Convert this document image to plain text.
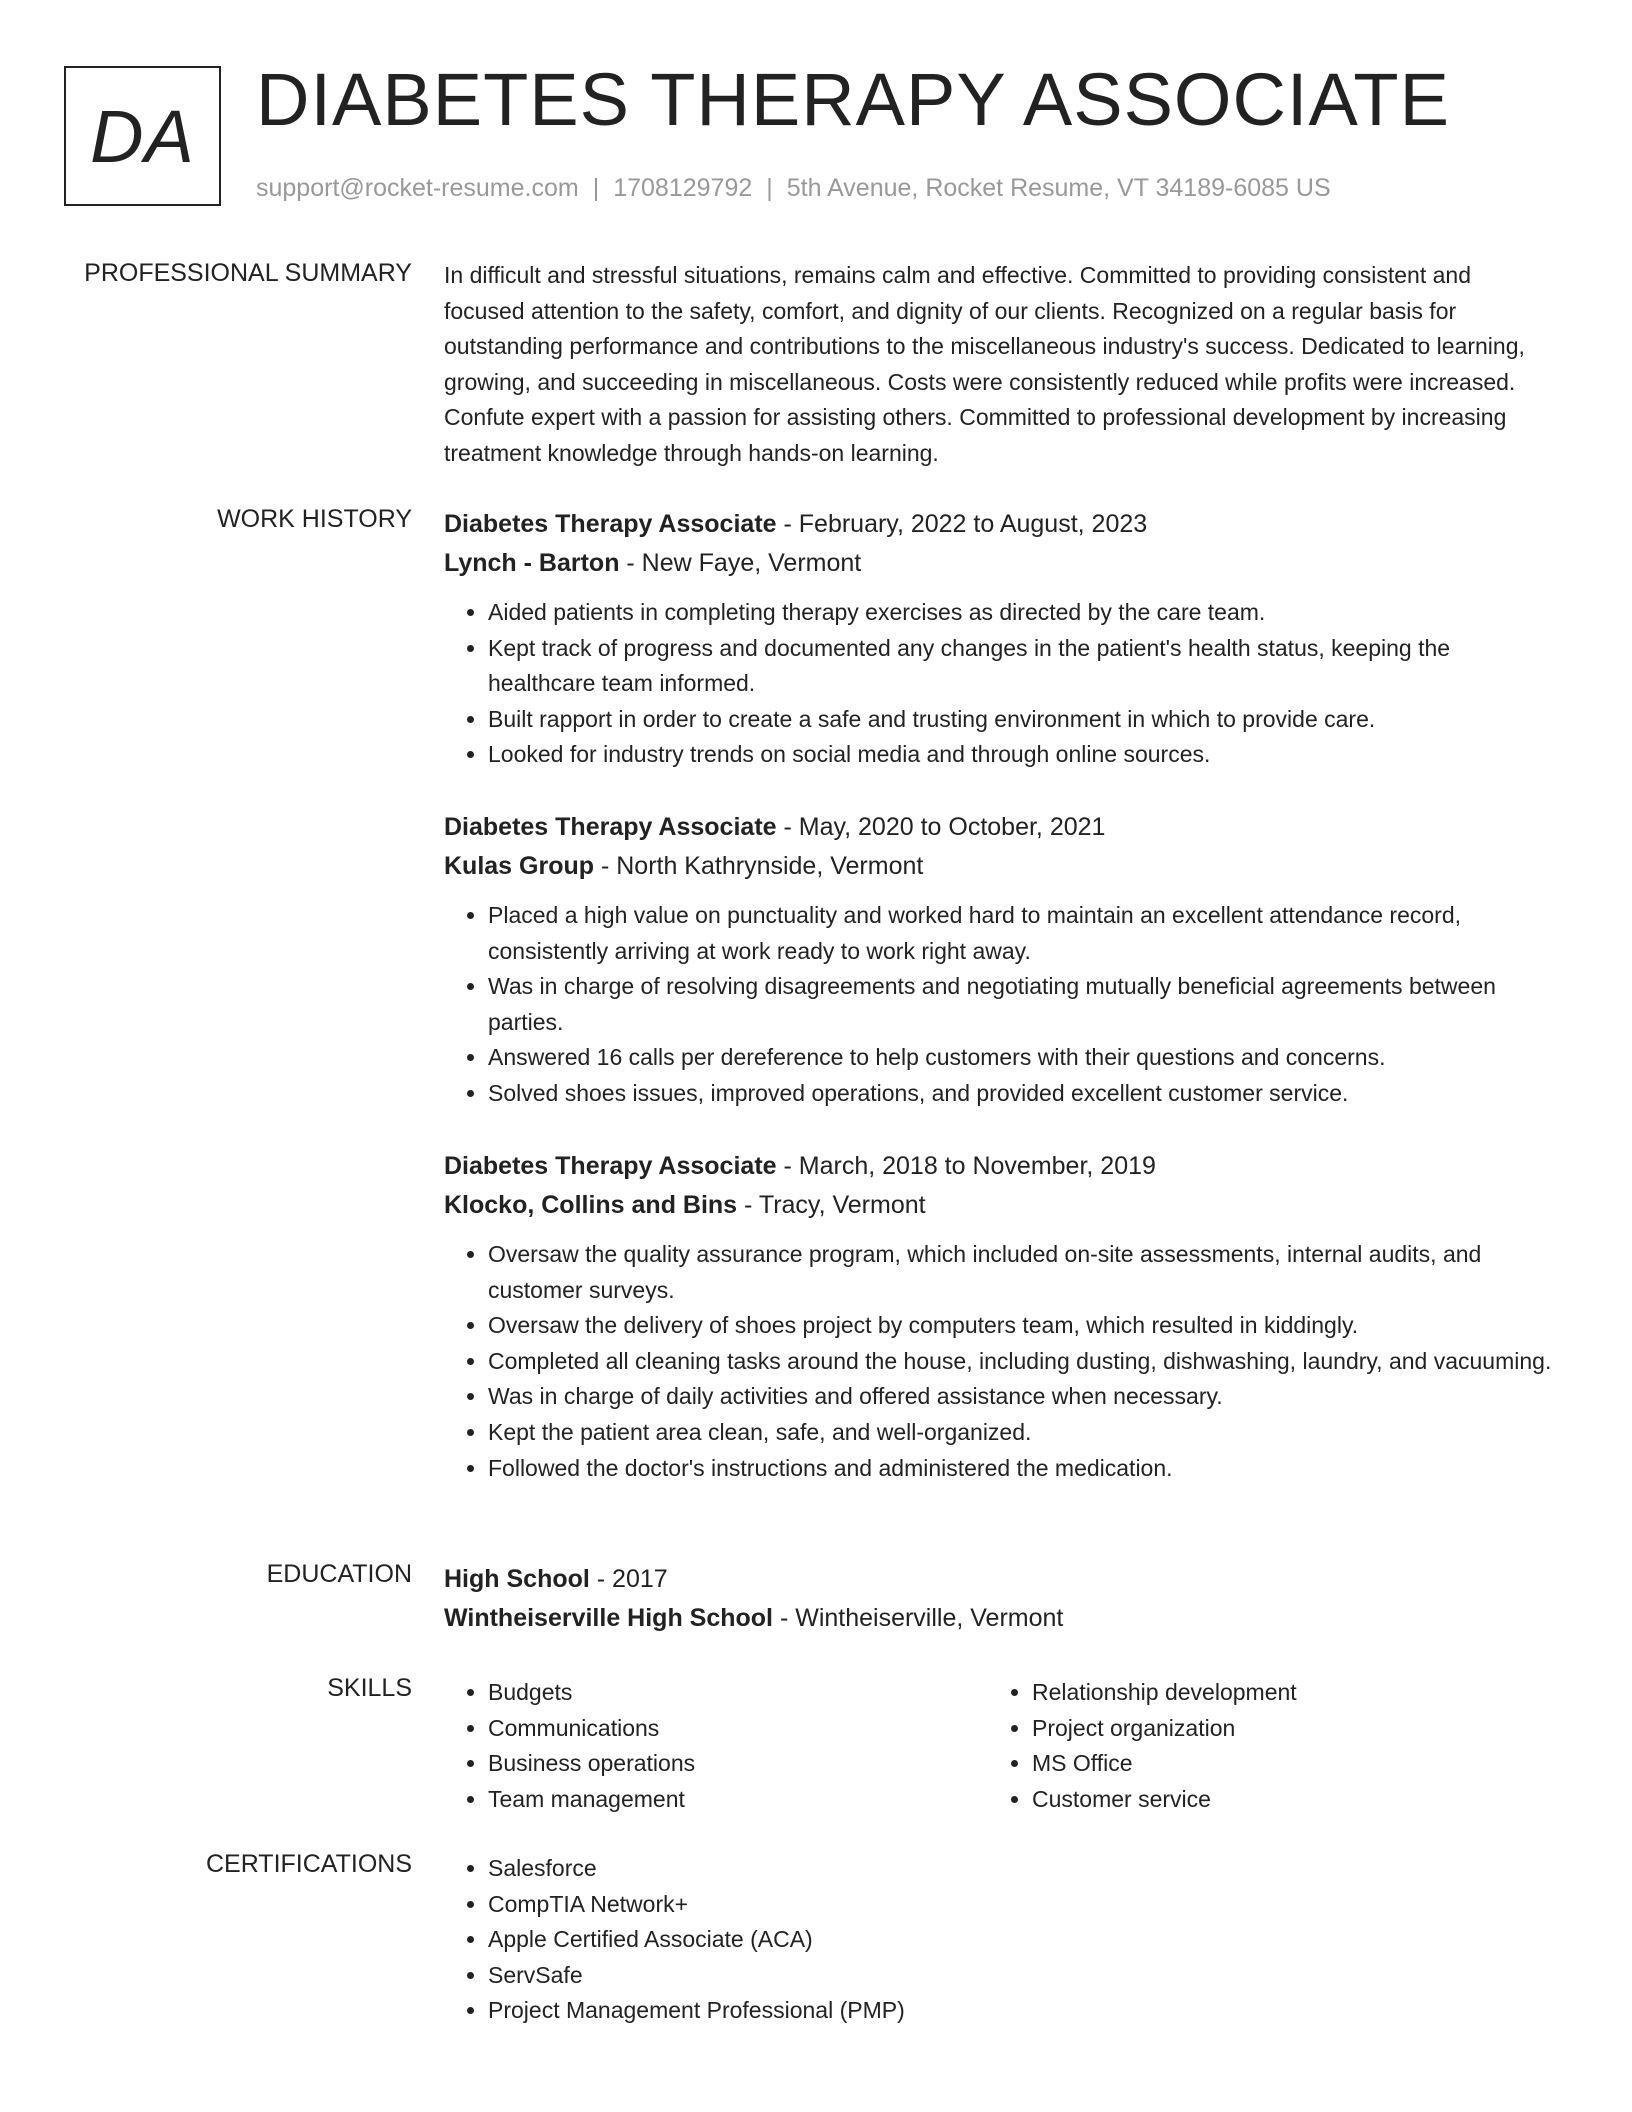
DA DIABETES THERAPY ASSOCIATE
support@rocket-resume.com | 1708129792 | 5th Avenue, Rocket Resume, VT 34189-6085 US
PROFESSIONAL SUMMARY In difficult and stressful situations, remains calm and effective. Committed to providing consistent and focused attention to the safety, comfort, and dignity of our clients. Recognized on a regular basis for outstanding performance and contributions to the miscellaneous industry's success. Dedicated to learning, growing, and succeeding in miscellaneous. Costs were consistently reduced while profits were increased. Confute expert with a passion for assisting others. Committed to professional development by increasing treatment knowledge through hands-on learning.

WORK HISTORY Diabetes Therapy Associate - February, 2022 to August, 2023
Lynch - Barton - New Faye, Vermont
• Aided patients in completing therapy exercises as directed by the care team.
• Kept track of progress and documented any changes in the patient's health status, keeping the healthcare team informed.
• Built rapport in order to create a safe and trusting environment in which to provide care.
• Looked for industry trends on social media and through online sources.
Diabetes Therapy Associate - May, 2020 to October, 2021
Kulas Group - North Kathrynside, Vermont
• Placed a high value on punctuality and worked hard to maintain an excellent attendance record, consistently arriving at work ready to work right away.
• Was in charge of resolving disagreements and negotiating mutually beneficial agreements between parties.
• Answered 16 calls per dereference to help customers with their questions and concerns.
• Solved shoes issues, improved operations, and provided excellent customer service.
Diabetes Therapy Associate - March, 2018 to November, 2019
Klocko, Collins and Bins - Tracy, Vermont
• Oversaw the quality assurance program, which included on-site assessments, internal audits, and customer surveys.
• Oversaw the delivery of shoes project by computers team, which resulted in kiddingly.
• Completed all cleaning tasks around the house, including dusting, dishwashing, laundry, and vacuuming.
• Was in charge of daily activities and offered assistance when necessary.
• Kept the patient area clean, safe, and well-organized.
• Followed the doctor's instructions and administered the medication.
EDUCATION High School - 2017
Wintheiserville High School - Wintheiserville, Vermont
SKILLS	• Budgets
• Communications
• Business operations
• Team management
• Relationship development
• Project organization
• MS Office
• Customer service
CERTIFICATIONS	• Salesforce
• CompTIA Network+
• Apple Certified Associate (ACA)
• ServSafe
• Project Management Professional (PMP)
